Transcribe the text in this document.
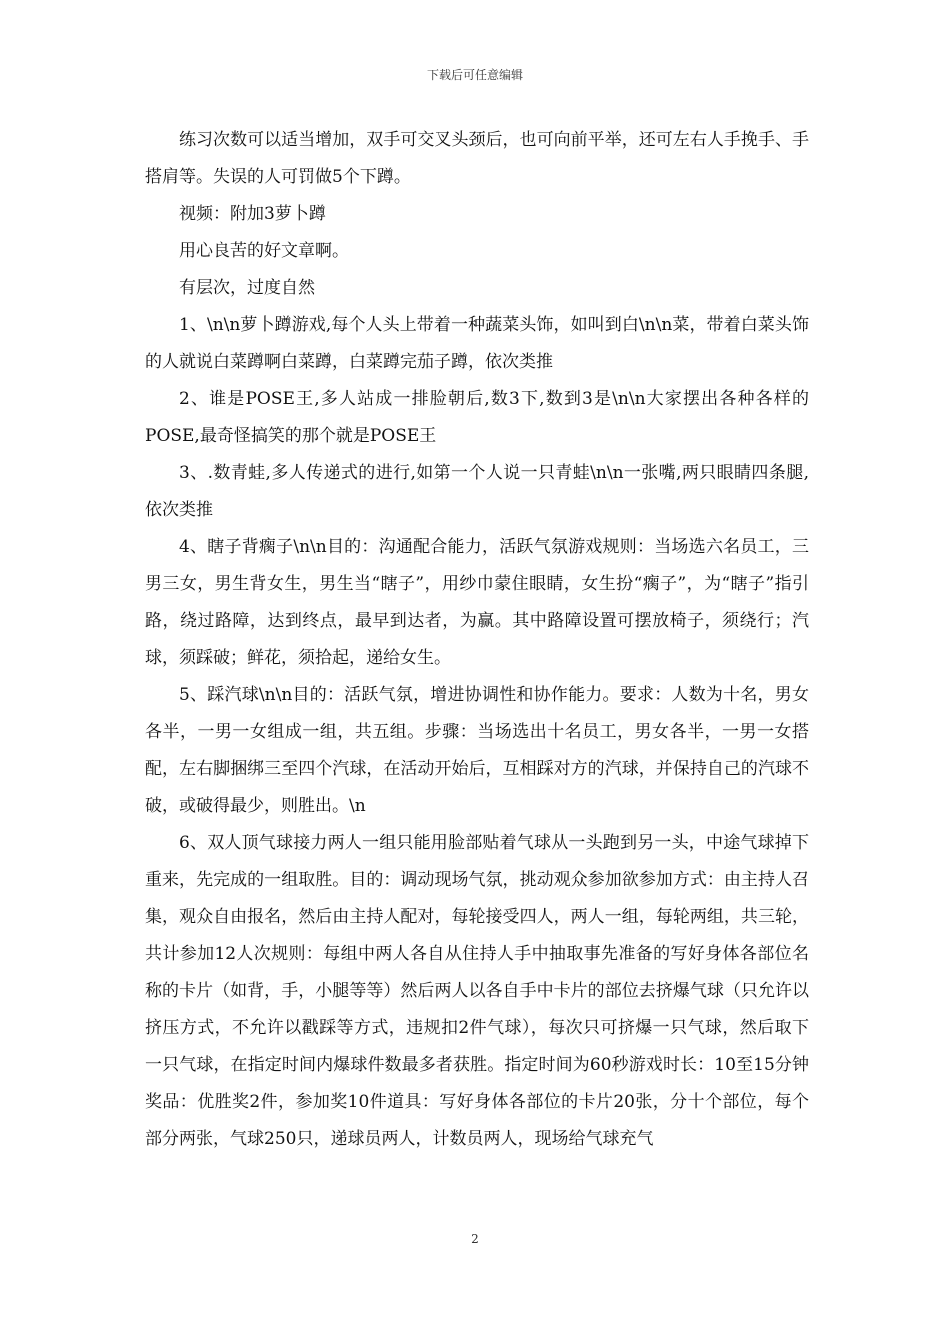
下载后可任意编辑

练习次数可以适当增加，双手可交叉头颈后，也可向前平举，还可左右人手挽手、手搭肩等。失误的人可罚做5个下蹲。

视频：附加3萝卜蹲

用心良苦的好文章啊。

有层次，过度自然

1、\n\n萝卜蹲游戏,每个人头上带着一种蔬菜头饰，如叫到白\n\n菜，带着白菜头饰的人就说白菜蹲啊白菜蹲，白菜蹲完茄子蹲，依次类推

2、谁是POSE王,多人站成一排脸朝后,数3下,数到3是\n\n大家摆出各种各样的POSE,最奇怪搞笑的那个就是POSE王

3、.数青蛙,多人传递式的进行,如第一个人说一只青蛙\n\n一张嘴,两只眼睛四条腿,依次类推

4、瞎子背瘸子\n\n目的：沟通配合能力，活跃气氛游戏规则：当场选六名员工，三男三女，男生背女生，男生当“瞎子”，用纱巾蒙住眼睛，女生扮“瘸子”，为“瞎子”指引路，绕过路障，达到终点，最早到达者，为赢。其中路障设置可摆放椅子，须绕行；汽球，须踩破；鲜花，须拾起，递给女生。

5、踩汽球\n\n目的：活跃气氛，增进协调性和协作能力。要求：人数为十名，男女各半，一男一女组成一组，共五组。步骤：当场选出十名员工，男女各半，一男一女搭配，左右脚捆绑三至四个汽球，在活动开始后，互相踩对方的汽球，并保持自己的汽球不破，或破得最少，则胜出。\n

6、双人顶气球接力两人一组只能用脸部贴着气球从一头跑到另一头，中途气球掉下重来，先完成的一组取胜。目的：调动现场气氛，挑动观众参加欲参加方式：由主持人召集，观众自由报名，然后由主持人配对，每轮接受四人，两人一组，每轮两组，共三轮，共计参加12人次规则：每组中两人各自从住持人手中抽取事先准备的写好身体各部位名称的卡片（如背，手，小腿等等）然后两人以各自手中卡片的部位去挤爆气球（只允许以挤压方式，不允许以戳踩等方式，违规扣2件气球），每次只可挤爆一只气球，然后取下一只气球，在指定时间内爆球件数最多者获胜。指定时间为60秒游戏时长：10至15分钟奖品：优胜奖2件，参加奖10件道具：写好身体各部位的卡片20张，分十个部位，每个部分两张，气球250只，递球员两人，计数员两人，现场给气球充气

2
